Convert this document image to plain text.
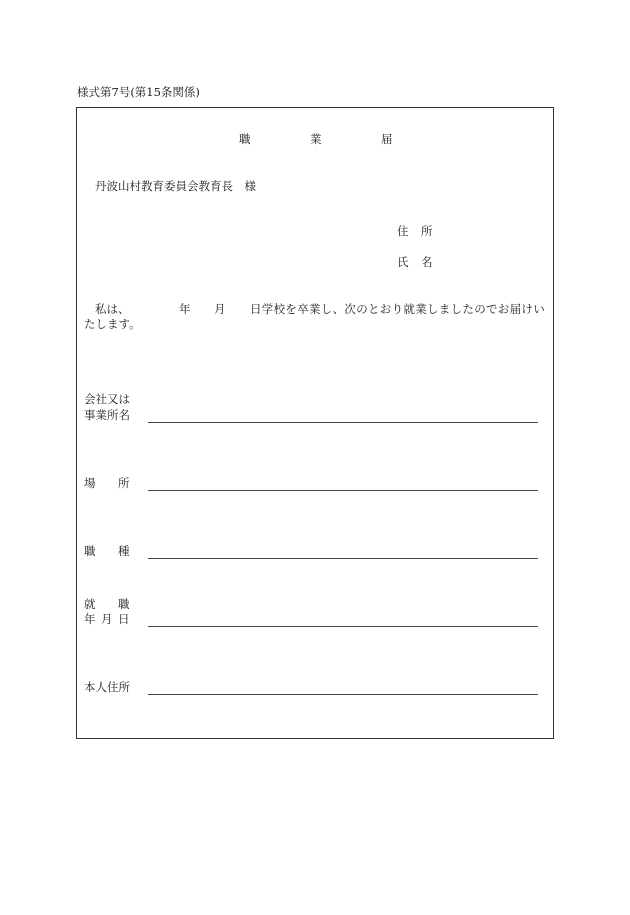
様式第7号(第15条関係)
職	業	届
丹波山村教育委員会教育長　様
住 所
氏 名
私は、	年 月 日学校を卒業し、次のとおり就業しましたのでお届けい
たします。
会社又は
事業所名
場 所
職 種
就 職
年 月 日
本人住所
